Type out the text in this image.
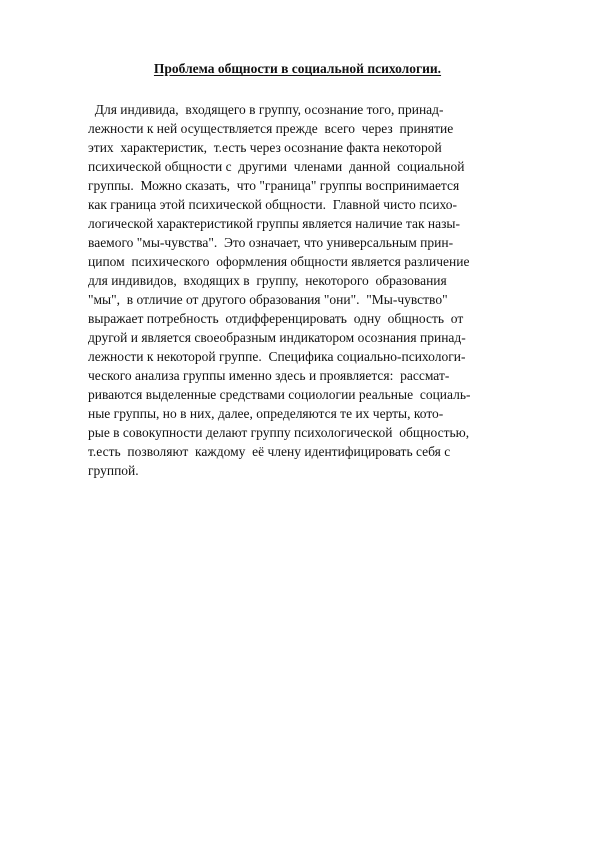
Проблема общности в социальной психологии.
Для индивида,  входящего в группу, осознание того, принад-
лежности к ней осуществляется прежде  всего  через  принятие
этих  характеристик,  т.есть через осознание факта некоторой
психической общности с  другими  членами  данной  социальной
группы.  Можно сказать,  что "граница" группы воспринимается
как граница этой психической общности.  Главной чисто психо-
логической характеристикой группы является наличие так назы-
ваемого "мы-чувства".  Это означает, что универсальным прин-
ципом  психического  оформления общности является различение
для индивидов,  входящих в  группу,  некоторого  образования
"мы",  в отличие от другого образования "они".  "Мы-чувство"
выражает потребность  отдифференцировать  одну  общность  от
другой и является своеобразным индикатором осознания принад-
лежности к некоторой группе.  Специфика социально-психологи-
ческого анализа группы именно здесь и проявляется:  рассмат-
риваются выделенные средствами социологии реальные  социаль-
ные группы, но в них, далее, определяются те их черты, кото-
рые в совокупности делают группу психологической  общностью,
т.есть  позволяют  каждому  её члену идентифицировать себя с
группой.
